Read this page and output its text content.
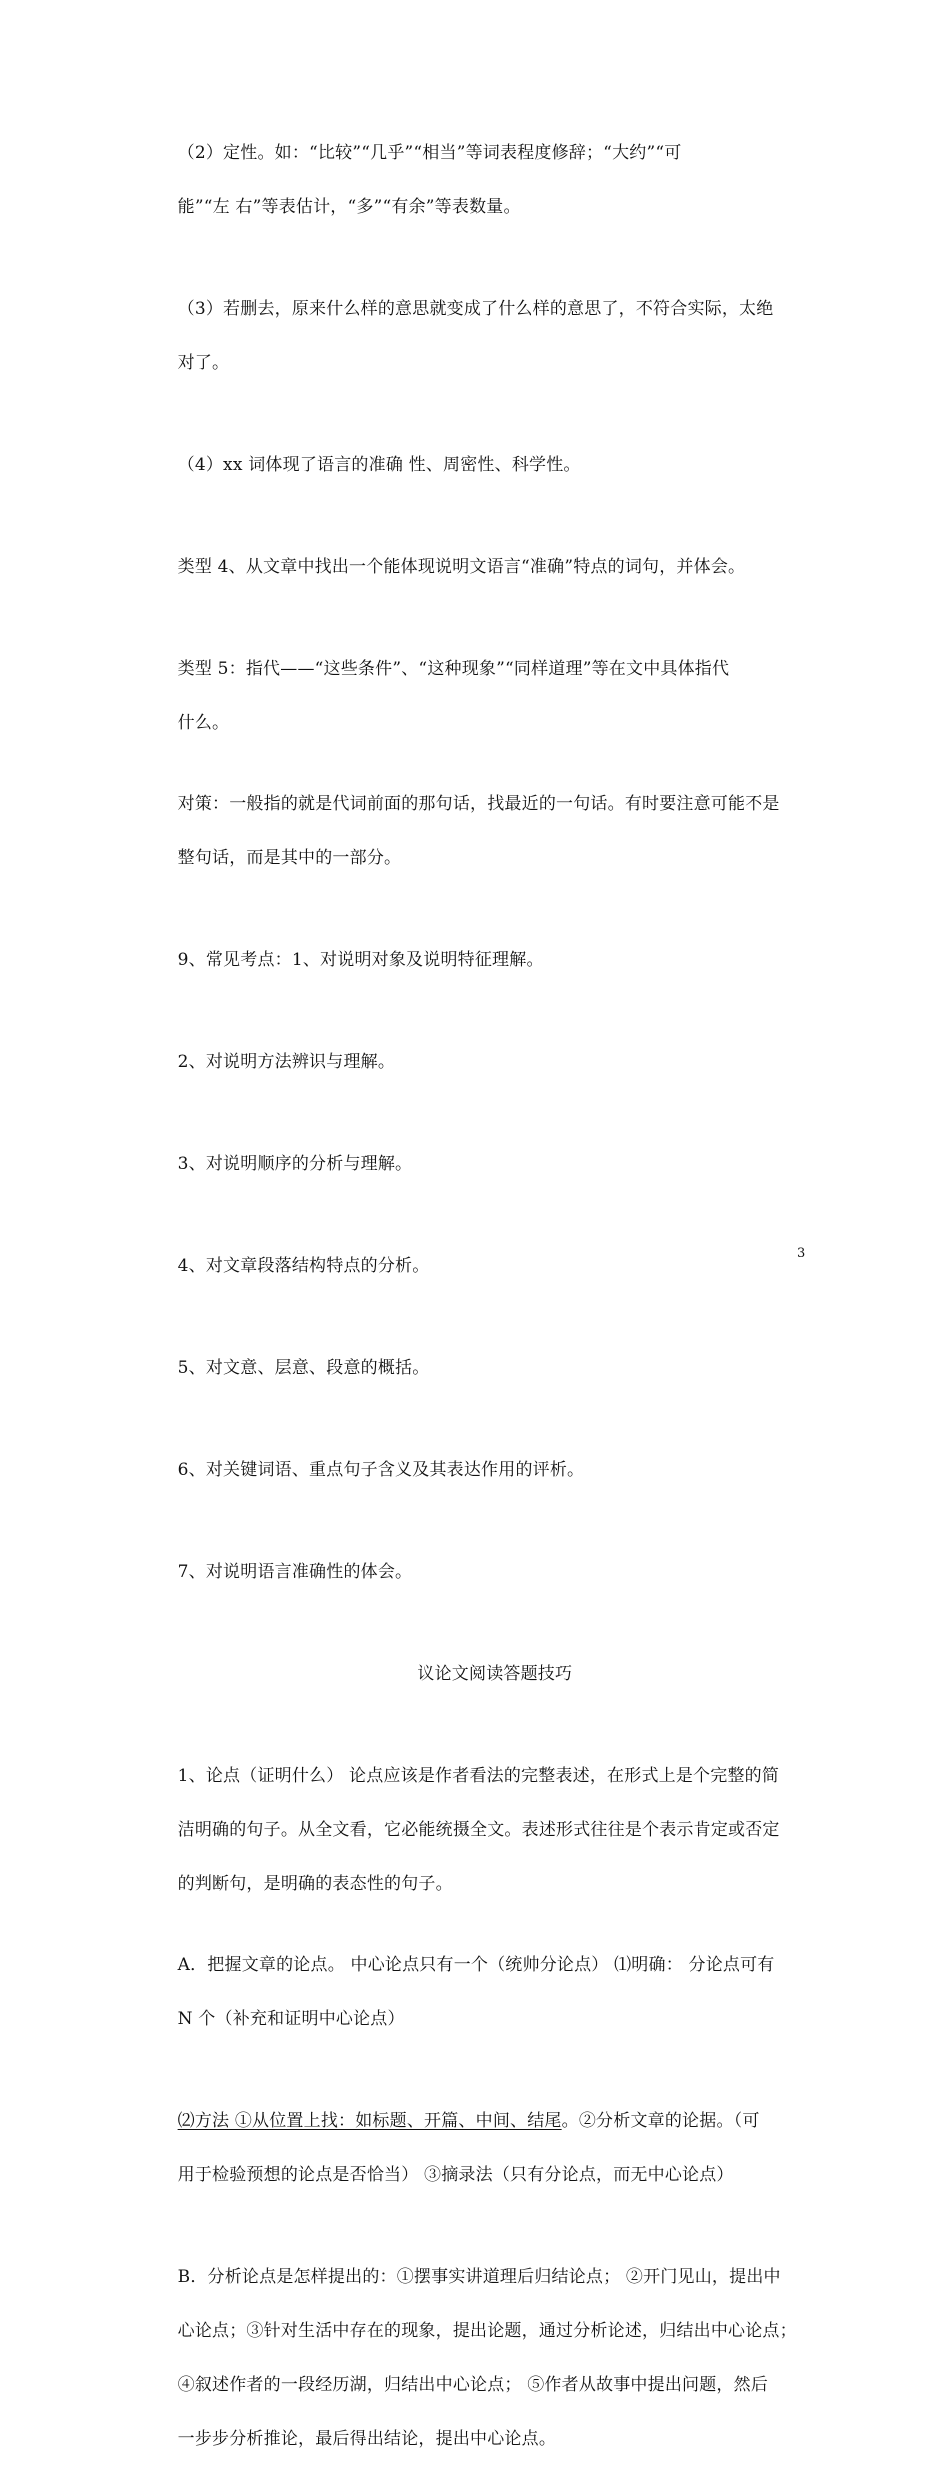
（2）定性。如：“比较”“几乎”“相当”等词表程度修辞；“大约”“可

能”“左 右”等表估计，“多”“有余”等表数量。

（3）若删去，原来什么样的意思就变成了什么样的意思了，不符合实际，太绝

对了。

（4）xx 词体现了语言的准确 性、周密性、科学性。

类型 4、从文章中找出一个能体现说明文语言“准确”特点的词句，并体会。

类型 5：指代——“这些条件”、“这种现象”“同样道理”等在文中具体指代

什么。

对策：一般指的就是代词前面的那句话，找最近的一句话。有时要注意可能不是

整句话，而是其中的一部分。

9、常见考点：1、对说明对象及说明特征理解。

2、对说明方法辨识与理解。

3、对说明顺序的分析与理解。

4、对文章段落结构特点的分析。

5、对文意、层意、段意的概括。

6、对关键词语、重点句子含义及其表达作用的评析。

7、对说明语言准确性的体会。

议论文阅读答题技巧

1、论点（证明什么） 论点应该是作者看法的完整表述，在形式上是个完整的简

洁明确的句子。从全文看，它必能统摄全文。表述形式往往是个表示肯定或否定

的判断句，是明确的表态性的句子。

A．把握文章的论点。 中心论点只有一个（统帅分论点） ⑴明确： 分论点可有

N 个（补充和证明中心论点）

⑵方法 ①从位置上找：如标题、开篇、中间、结尾。②分析文章的论据。（可

用于检验预想的论点是否恰当） ③摘录法（只有分论点，而无中心论点）

B．分析论点是怎样提出的：①摆事实讲道理后归结论点； ②开门见山，提出中

心论点；③针对生活中存在的现象，提出论题，通过分析论述，归结出中心论点；

④叙述作者的一段经历湖，归结出中心论点； ⑤作者从故事中提出问题，然后

一步步分析推论，最后得出结论，提出中心论点。

3
